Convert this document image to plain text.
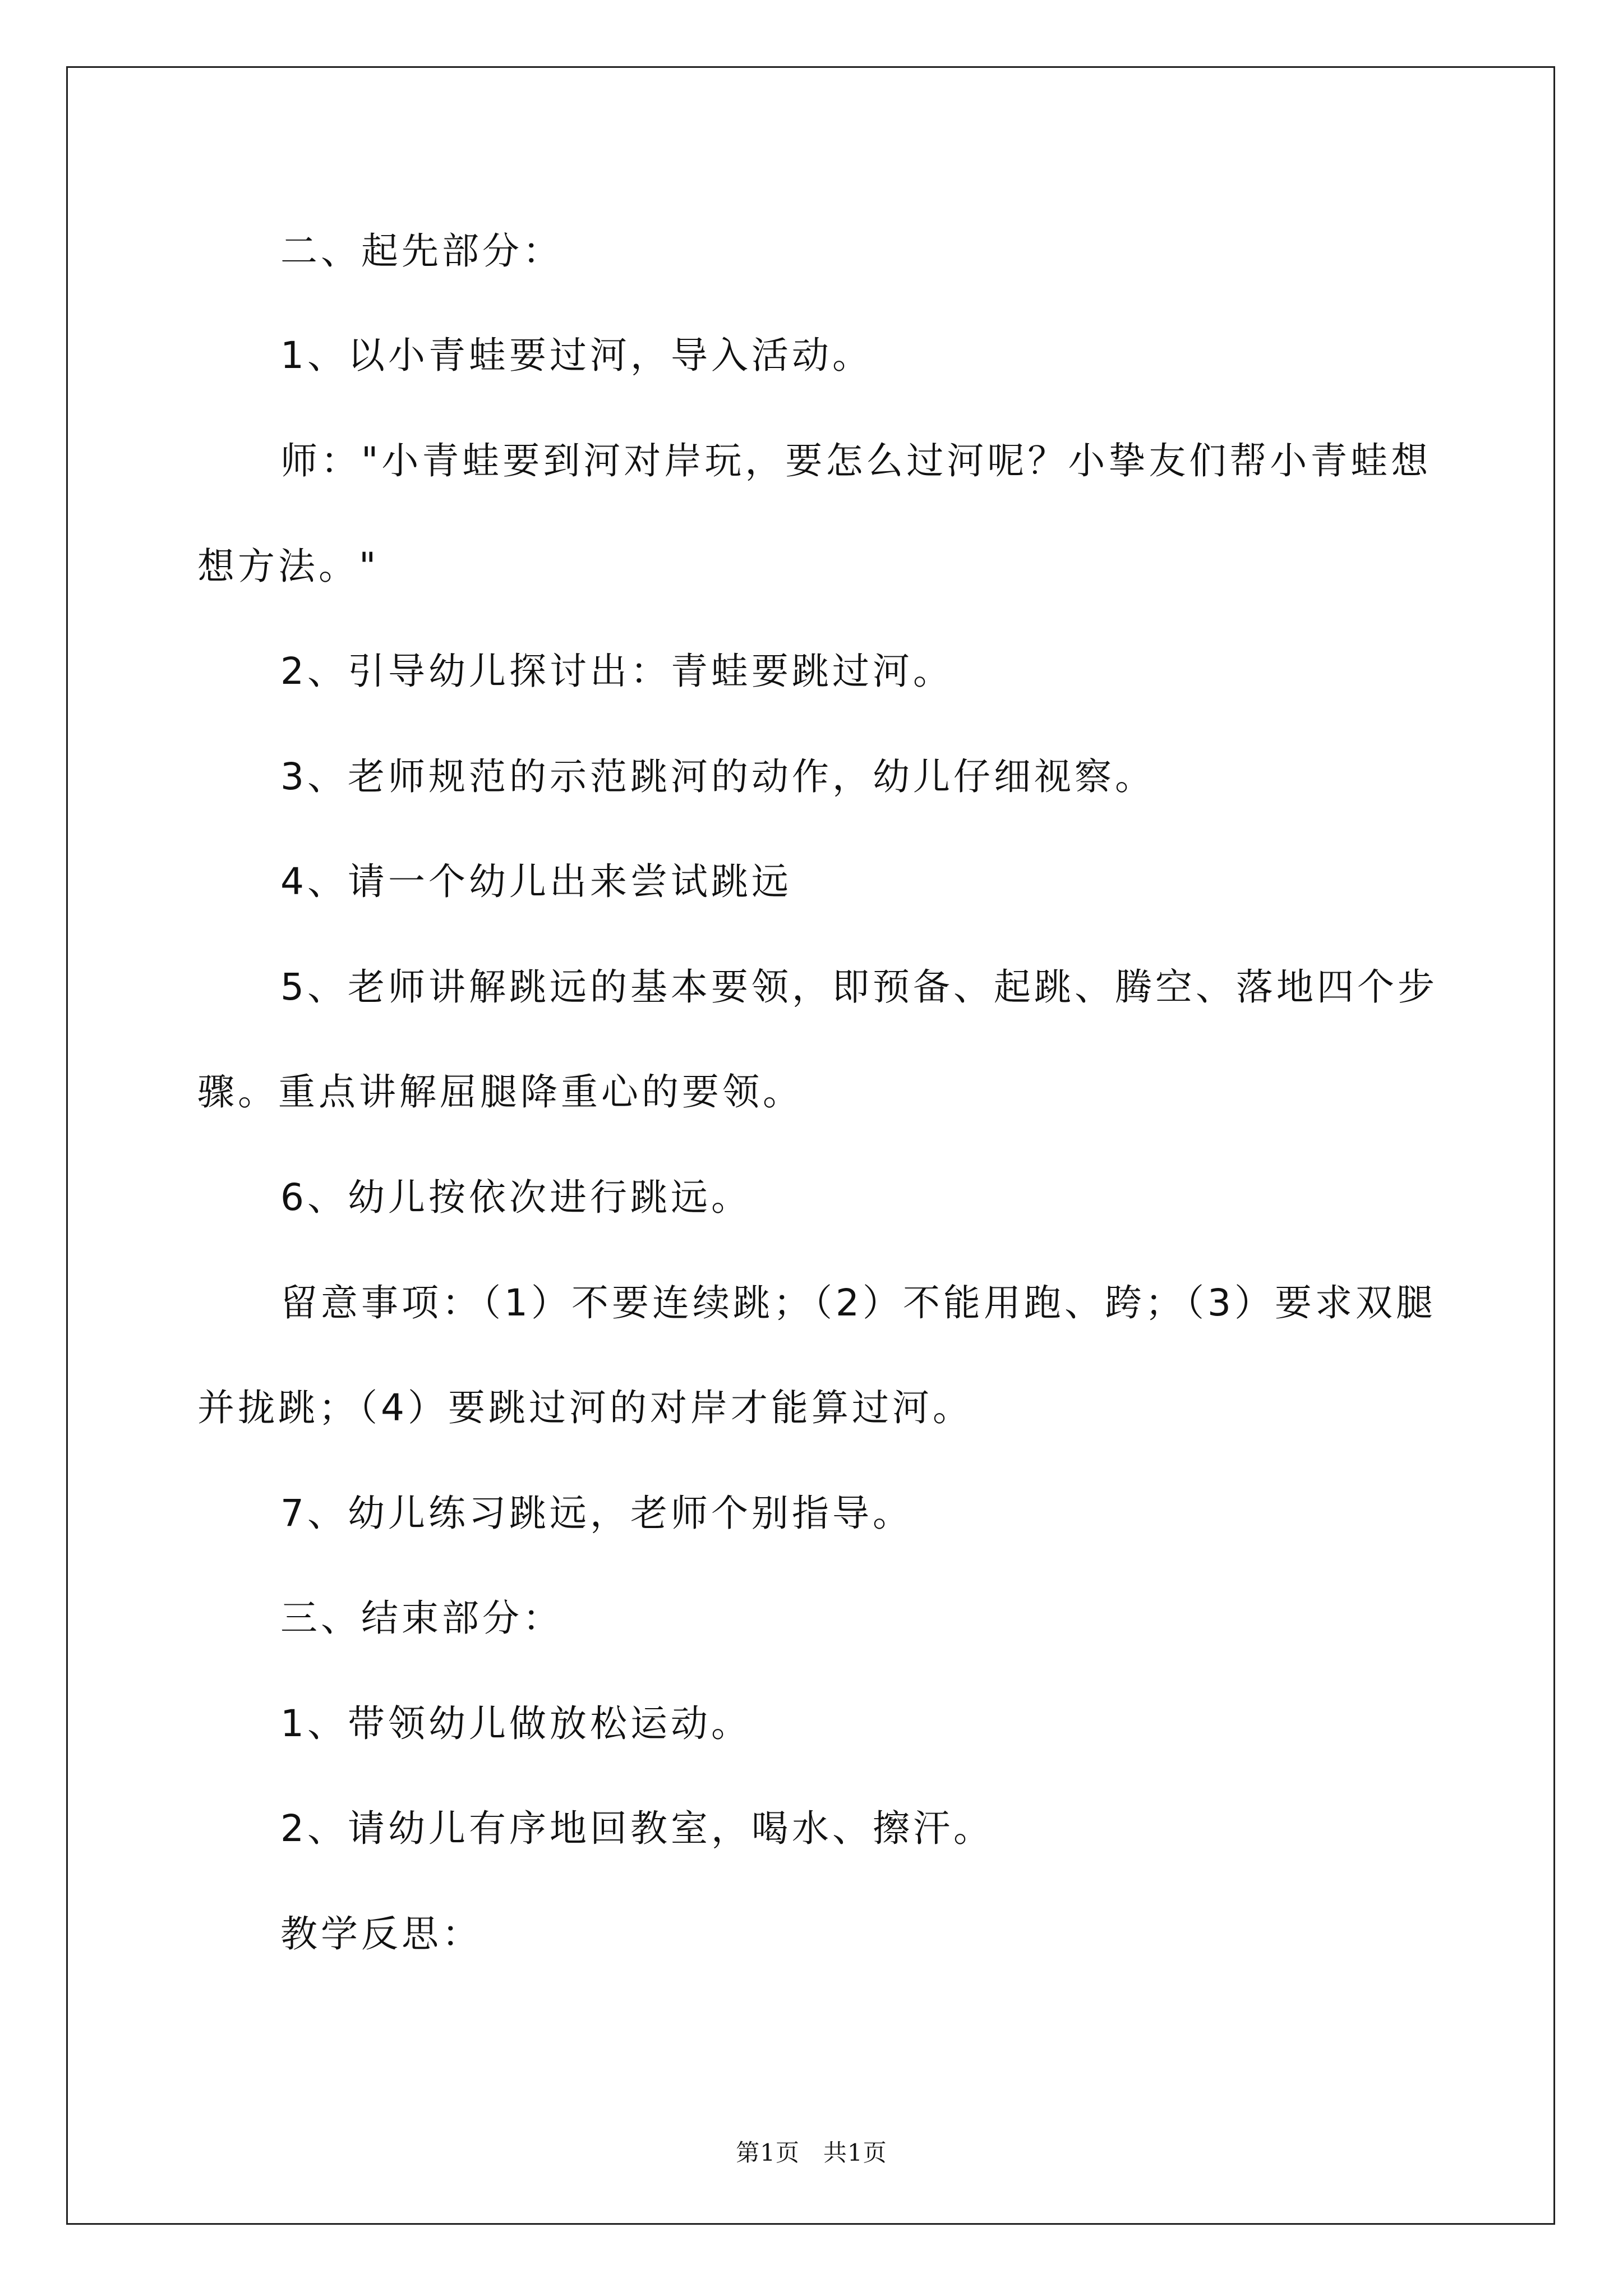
二、起先部分：

1、以小青蛙要过河，导入活动。

师："小青蛙要到河对岸玩，要怎么过河呢？小挚友们帮小青蛙想

想方法。"

2、引导幼儿探讨出：青蛙要跳过河。

3、老师规范的示范跳河的动作，幼儿仔细视察。

4、请一个幼儿出来尝试跳远

5、老师讲解跳远的基本要领，即预备、起跳、腾空、落地四个步

骤。重点讲解屈腿降重心的要领。

6、幼儿按依次进行跳远。

留意事项：（1）不要连续跳；（2）不能用跑、跨；（3）要求双腿

并拢跳；（4）要跳过河的对岸才能算过河。

7、幼儿练习跳远，老师个别指导。

三、结束部分：

1、带领幼儿做放松运动。

2、请幼儿有序地回教室，喝水、擦汗。

教学反思：

第1页 共1页
